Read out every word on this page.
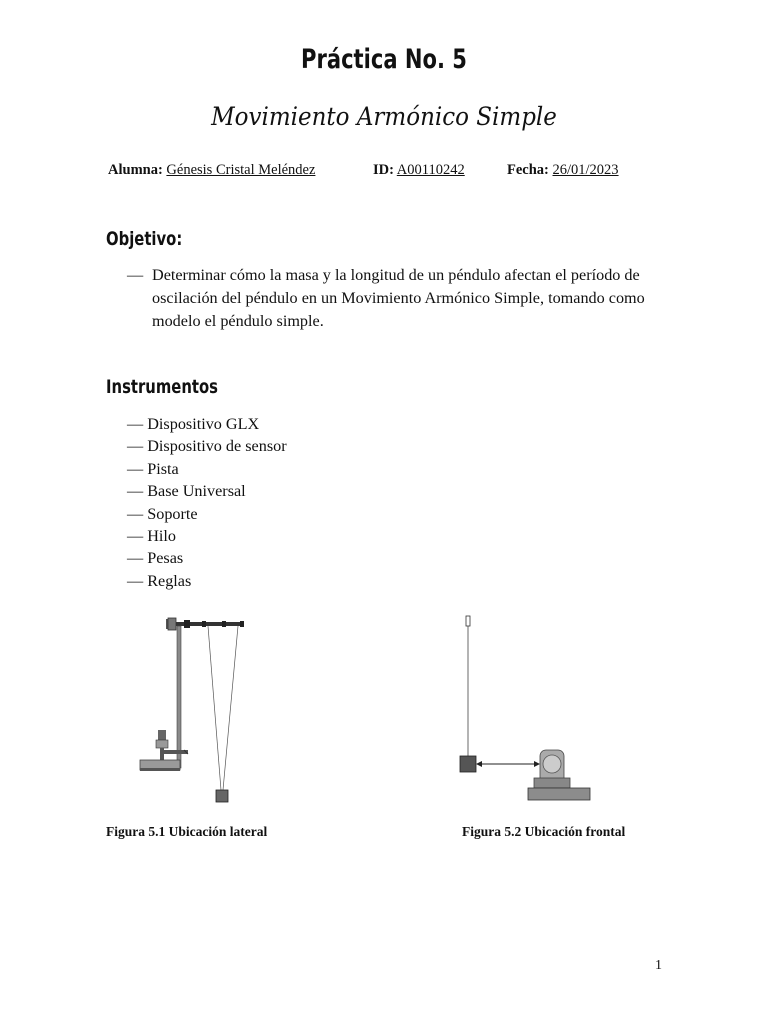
Práctica No. 5
Movimiento Armónico Simple
Alumna: Génesis Cristal Meléndez	ID: A00110242	Fecha: 26/01/2023
Objetivo:
— Determinar cómo la masa y la longitud de un péndulo afectan el período de oscilación del péndulo en un Movimiento Armónico Simple, tomando como modelo el péndulo simple.
Instrumentos
— Dispositivo GLX
— Dispositivo de sensor
— Pista
— Base Universal
— Soporte
— Hilo
— Pesas
— Reglas
Figura 5.1 Ubicación lateral	Figura 5.2 Ubicación frontal
1
